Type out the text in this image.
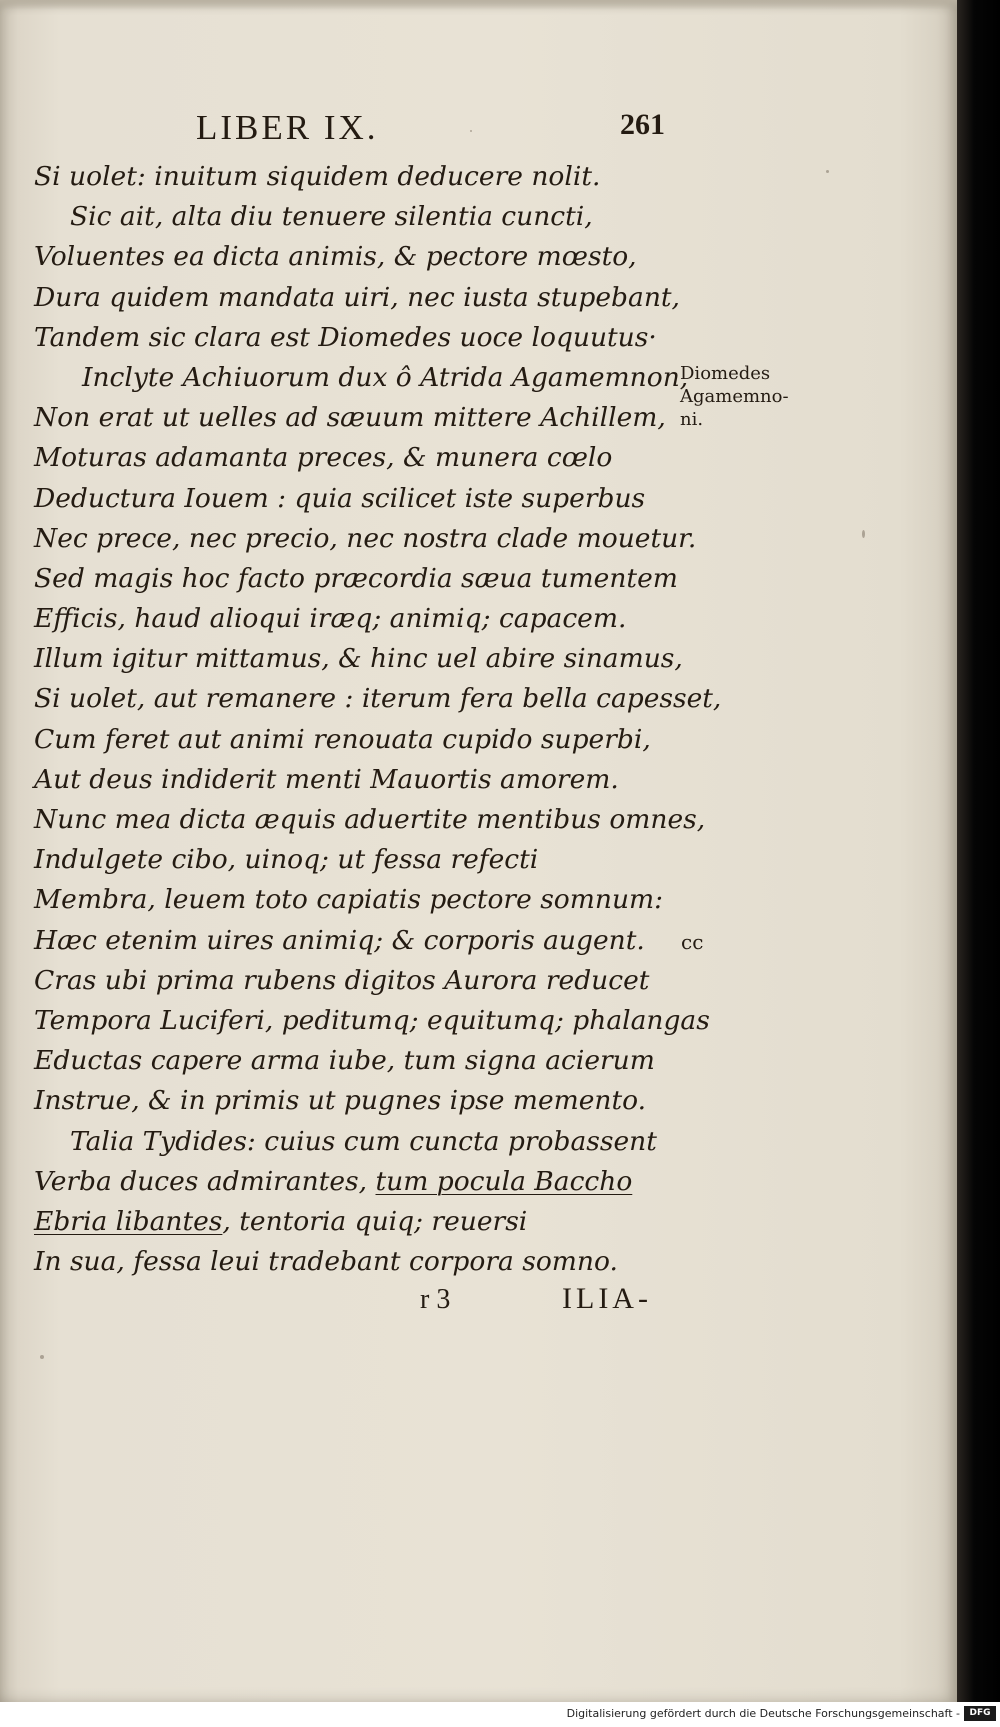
LIBER IX.	261
Si uolet: inuitum siquidem deducere nolit.
Sic ait, alta diu tenuere silentia cuncti,
Voluentes ea dicta animis, & pectore mœsto,
Dura quidem mandata uiri, nec iusta stupebant,
Tandem sic clara est Diomedes uoce loquutus·
Inclyte Achiuorum dux ô Atrida Agamemnon,
Non erat ut uelles ad sæuum mittere Achillem,
Moturas adamanta preces, & munera cœlo
Deductura Iouem : quia scilicet iste superbus
Nec prece, nec precio, nec nostra clade mouetur.
Sed magis hoc facto præcordia sæua tumentem
Efficis, haud alioqui iræq; animiq; capacem.
Illum igitur mittamus, & hinc uel abire sinamus,
Si uolet, aut remanere : iterum fera bella capesset,
Cum feret aut animi renouata cupido superbi,
Aut deus indiderit menti Mauortis amorem.
Nunc mea dicta æquis aduertite mentibus omnes,
Indulgete cibo, uinoq; ut fessa refecti
Membra, leuem toto capiatis pectore somnum:
Hæc etenim uires animiq; & corporis augent.
Cras ubi prima rubens digitos Aurora reducet
Tempora Luciferi, peditumq; equitumq; phalangas
Eductas capere arma iube, tum signa acierum
Instrue, & in primis ut pugnes ipse memento.
Talia Tydides: cuius cum cuncta probassent
Verba duces admirantes, tum pocula Baccho
Ebria libantes, tentoria quiq; reuersi
In sua, fessa leui tradebant corpora somno.
Diomedes
Agamemno-
ni.
cc
r 3	ILIA-
Digitalisierung gefördert durch die Deutsche Forschungsgemeinschaft -	DFG
